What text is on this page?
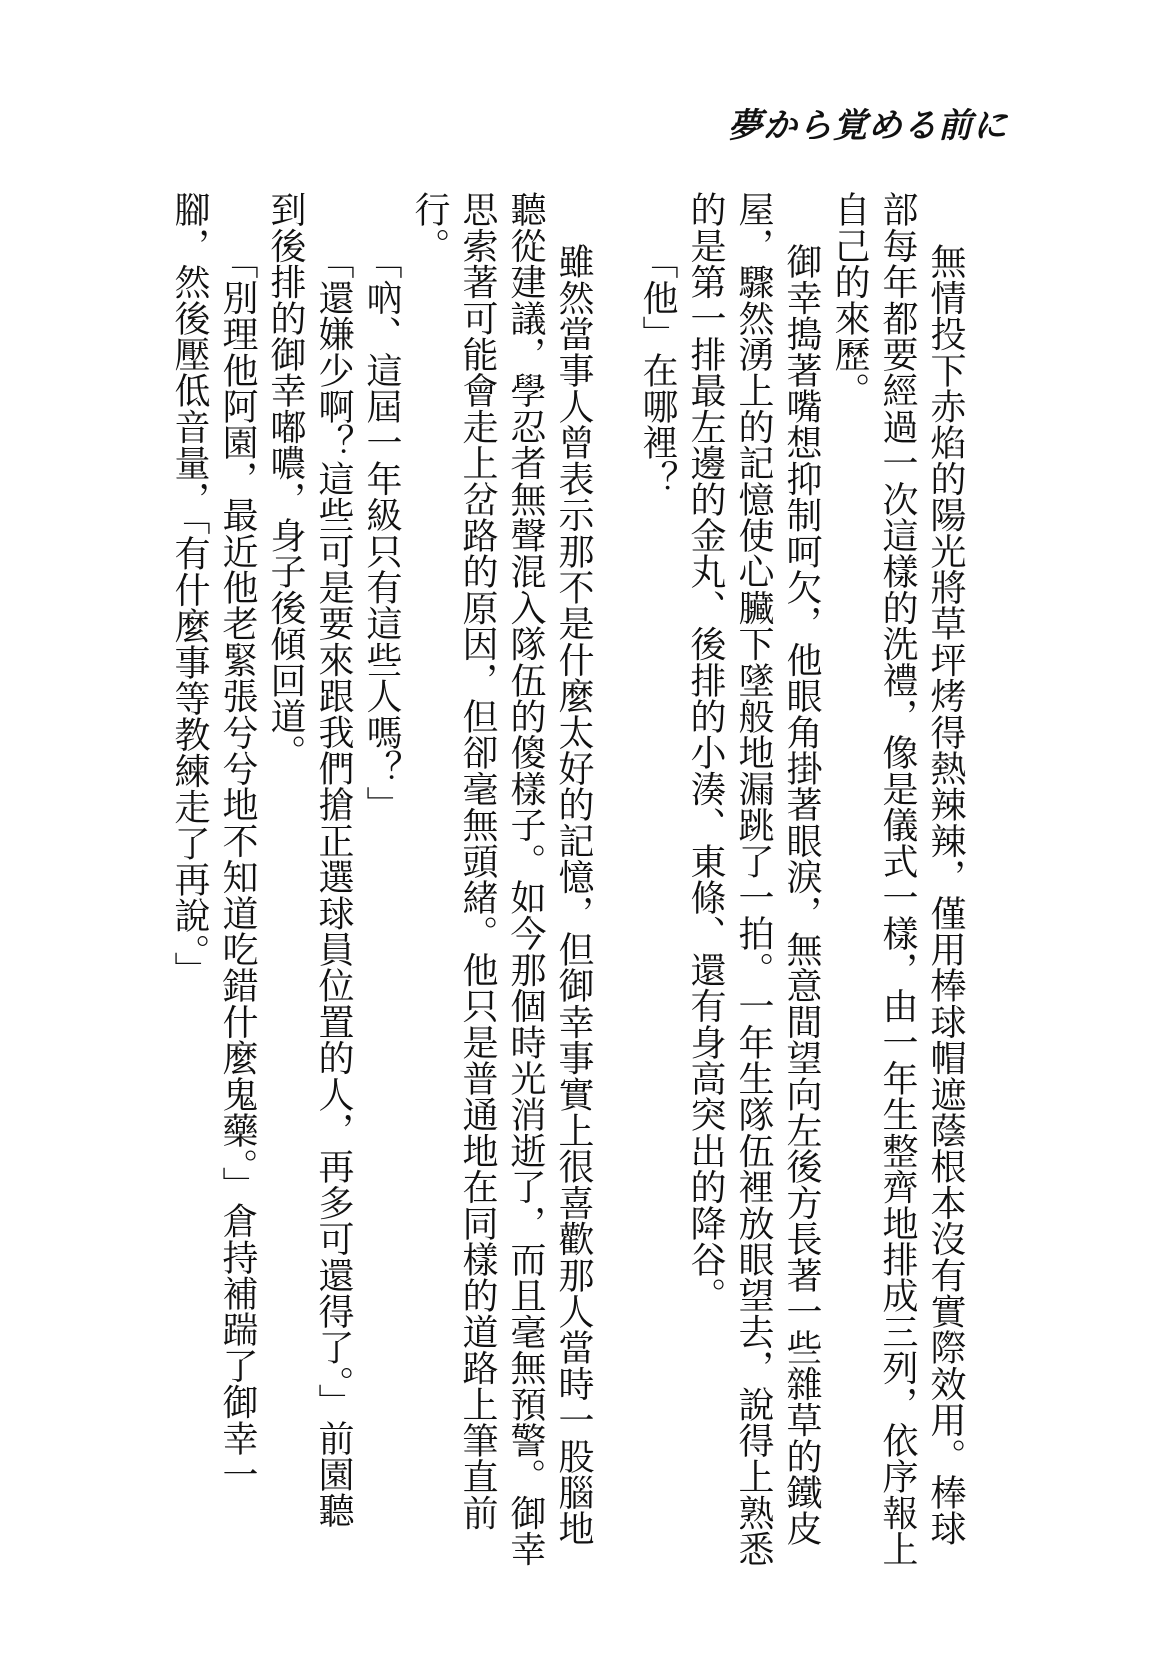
夢から覚める前に
無情投下赤焰的陽光將草坪烤得熱辣辣，僅用棒球帽遮蔭根本沒有實際效用。棒球
部每年都要經過一次這樣的洗禮，像是儀式一樣，由一年生整齊地排成三列，依序報上
自己的來歷。
御幸搗著嘴想抑制呵欠，他眼角掛著眼淚，無意間望向左後方長著一些雜草的鐵皮
屋，驟然湧上的記憶使心臟下墜般地漏跳了一拍。一年生隊伍裡放眼望去，說得上熟悉
的是第一排最左邊的金丸、後排的小湊、東條、還有身高突出的降谷。
「他」在哪裡？
雖然當事人曾表示那不是什麼太好的記憶，但御幸事實上很喜歡那人當時一股腦地
聽從建議，學忍者無聲混入隊伍的傻樣子。如今那個時光消逝了，而且毫無預警。御幸
思索著可能會走上岔路的原因，但卻毫無頭緒。他只是普通地在同樣的道路上筆直前
行。
「吶、這屆一年級只有這些人嗎？」
「還嫌少啊？這些可是要來跟我們搶正選球員位置的人，再多可還得了。」前園聽
到後排的御幸嘟噥，身子後傾回道。
「別理他阿園，最近他老緊張兮兮地不知道吃錯什麼鬼藥。」倉持補踹了御幸一
腳，然後壓低音量，「有什麼事等教練走了再說。」
